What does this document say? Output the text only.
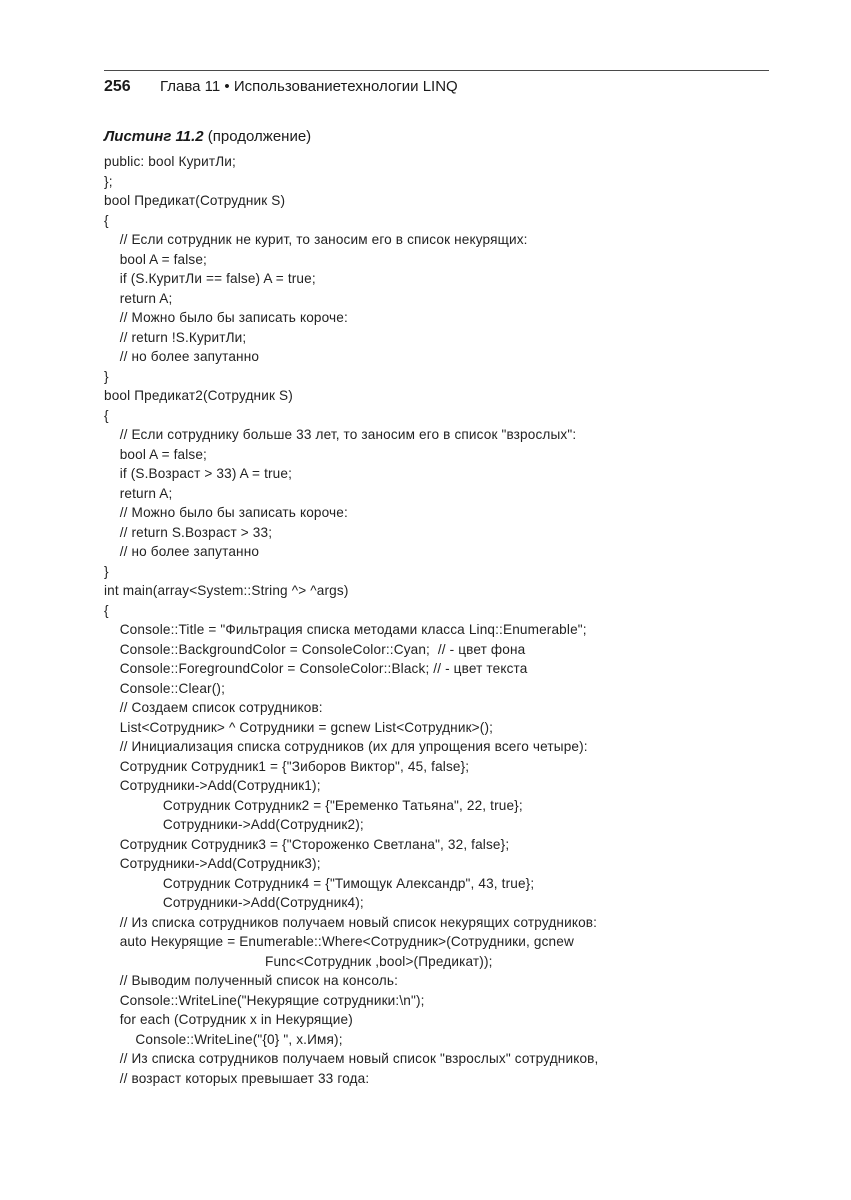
256 Глава 11 • Использованиетехнологии LINQ
Листинг 11.2 (продолжение)
public: bool КуритЛи;
};
bool Предикат(Сотрудник S)
{
// Если сотрудник не курит, то заносим его в список некурящих:
bool A = false;
if (S.КуритЛи == false) A = true;
return A;
// Можно было бы записать короче:
// return !S.КуритЛи;
// но более запутанно
}
bool Предикат2(Сотрудник S)
{
// Если сотруднику больше 33 лет, то заносим его в список "взрослых":
bool A = false;
if (S.Возраст > 33) A = true;
return A;
// Можно было бы записать короче:
// return S.Возраст > 33;
// но более запутанно
}
int main(array<System::String ^> ^args)
{
Console::Title = "Фильтрация списка методами класса Linq::Enumerable";
Console::BackgroundColor = ConsoleColor::Cyan;  // - цвет фона
Console::ForegroundColor = ConsoleColor::Black; // - цвет текста
Console::Clear();
// Создаем список сотрудников:
List<Сотрудник> ^ Сотрудники = gcnew List<Сотрудник>();
// Инициализация списка сотрудников (их для упрощения всего четыре):
Сотрудник Сотрудник1 = {"Зиборов Виктор", 45, false};
Сотрудники->Add(Сотрудник1);
Сотрудник Сотрудник2 = {"Еременко Татьяна", 22, true};
Сотрудники->Add(Сотрудник2);
Сотрудник Сотрудник3 = {"Стороженко Светлана", 32, false};
Сотрудники->Add(Сотрудник3);
Сотрудник Сотрудник4 = {"Тимощук Александр", 43, true};
Сотрудники->Add(Сотрудник4);
// Из списка сотрудников получаем новый список некурящих сотрудников:
auto Некурящие = Enumerable::Where<Сотрудник>(Сотрудники, gcnew
Func<Сотрудник ,bool>(Предикат));
// Выводим полученный список на консоль:
Console::WriteLine("Некурящие сотрудники:\n");
for each (Сотрудник x in Некурящие)
Console::WriteLine("{0} ", x.Имя);
// Из списка сотрудников получаем новый список "взрослых" сотрудников,
// возраст которых превышает 33 года:
